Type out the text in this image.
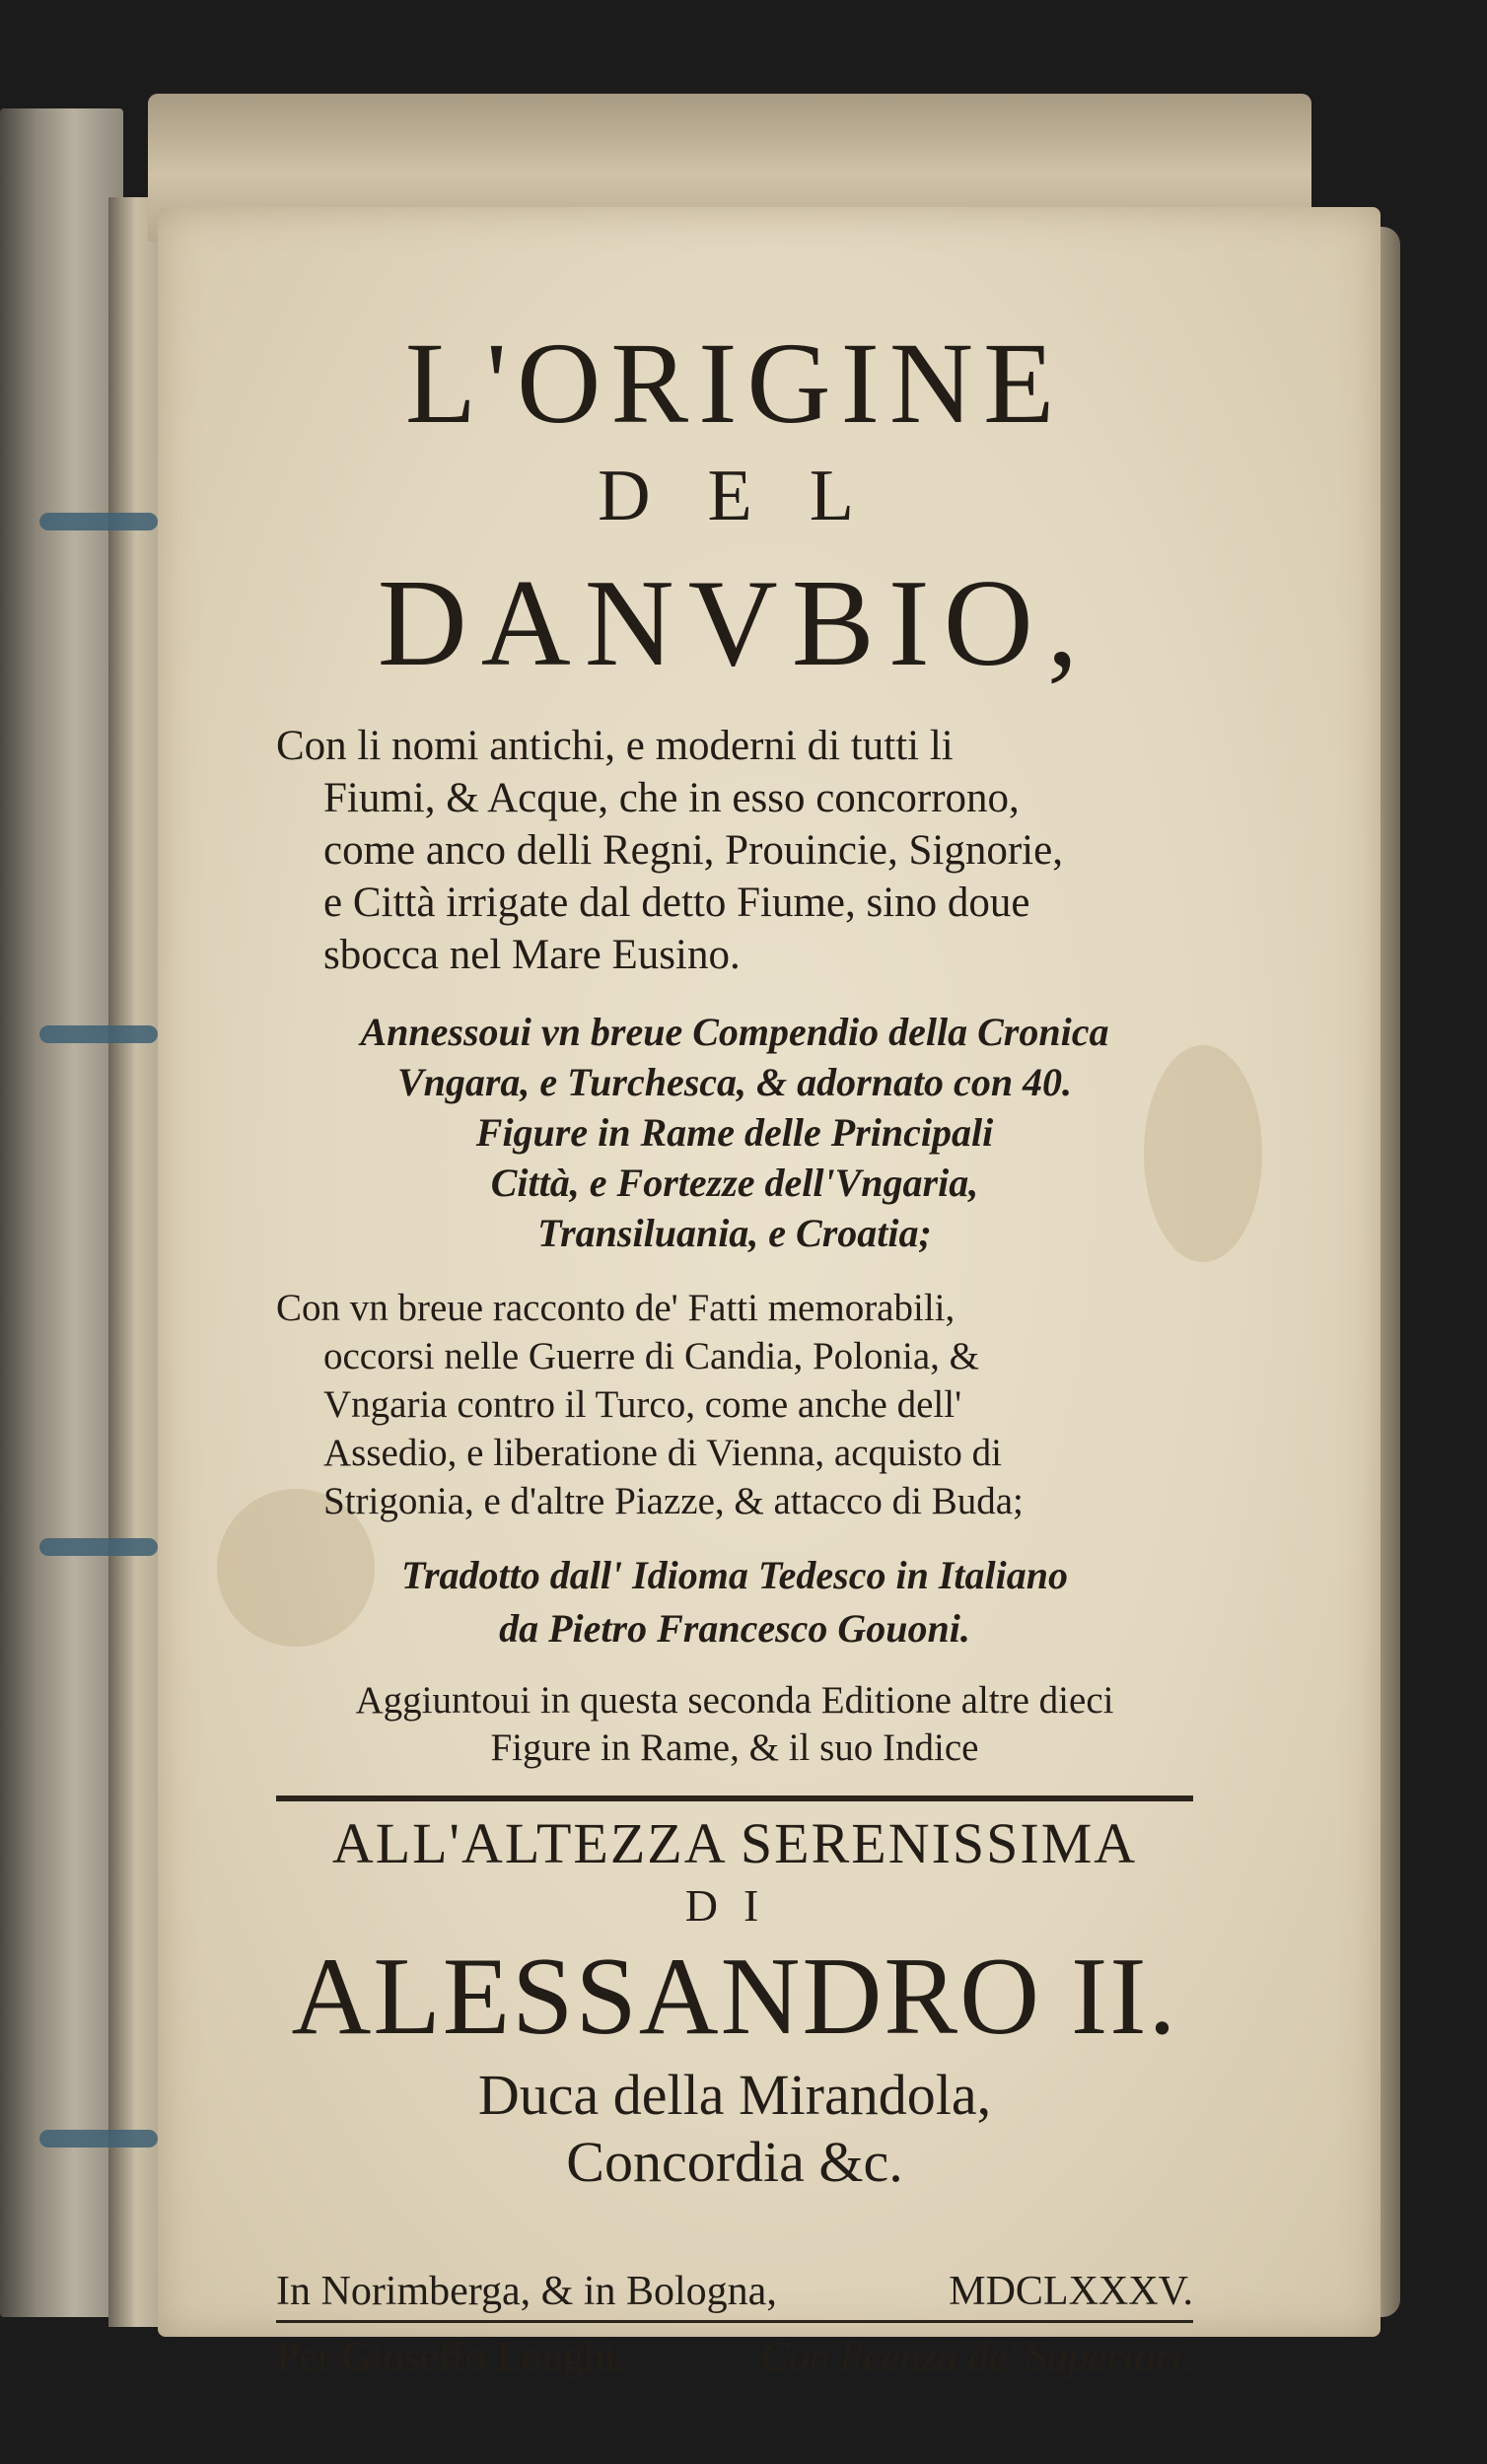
L'ORIGINE
DEL
DANVBIO,
Con li nomi antichi, e moderni di tutti li
Fiumi, & Acque, che in esso concorrono,
come anco delli Regni, Prouincie, Signorie,
e Città irrigate dal detto Fiume, sino doue
sbocca nel Mare Eusino.
Annessoui vn breue Compendio della Cronica
Vngara, e Turchesca, & adornato con 40.
Figure in Rame delle Principali
Città, e Fortezze dell'Vngaria,
Transiluania, e Croatia;
Con vn breue racconto de' Fatti memorabili,
occorsi nelle Guerre di Candia, Polonia, &
Vngaria contro il Turco, come anche dell'
Assedio, e liberatione di Vienna, acquisto di
Strigonia, e d'altre Piazze, & attacco di Buda;
Tradotto dall' Idioma Tedesco in Italiano
da Pietro Francesco Gouoni.
Aggiuntoui in questa seconda Editione altre dieci
Figure in Rame, & il suo Indice
ALL'ALTEZZA SERENISSIMA
DI
ALESSANDRO II.
Duca della Mirandola,
Concordia &c.
In Norimberga, & in Bologna,	MDCLXXXV.
Per Gioseffo Longhi.	Con licenza de' Superiori.
